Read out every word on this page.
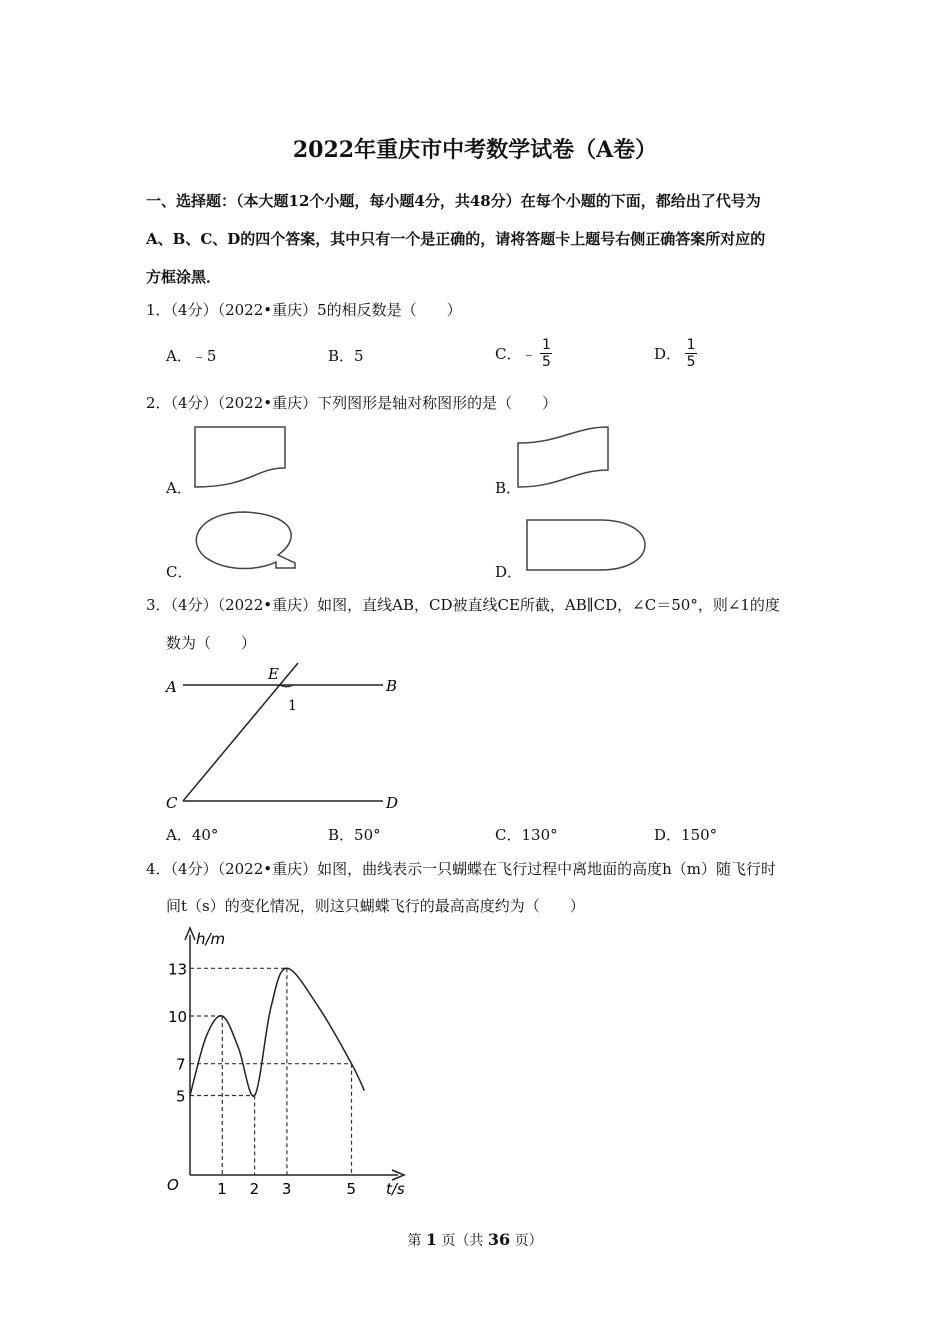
2022年重庆市中考数学试卷（A卷）
一、选择题：（本大题12个小题，每小题4分，共48分）在每个小题的下面，都给出了代号为
A、B、C、D的四个答案，其中只有一个是正确的，请将答题卡上题号右侧正确答案所对应的
方框涂黑．
1．（4分）（2022•重庆）5的相反数是（　　）
A．﹣5	B．5	C．﹣ $\frac{1}{5}$	D． $\frac{1}{5}$
2．（4分）（2022•重庆）下列图形是轴对称图形的是（　　）
A．	B．
C．	D．
3．（4分）（2022•重庆）如图，直线AB，CD被直线CE所截，AB∥CD，∠C＝50°，则∠1的度
数为（　　）
A	B
C	D
E
1
A．40°	B．50°	C．130°	D．150°
4．（4分）（2022•重庆）如图，曲线表示一只蝴蝶在飞行过程中离地面的高度h（m）随飞行时
间t（s）的变化情况，则这只蝴蝶飞行的最高高度约为（　　）
h/m
t/s
O	1 2 3	5
5
7
10
13
第 1 页（共 36 页）
